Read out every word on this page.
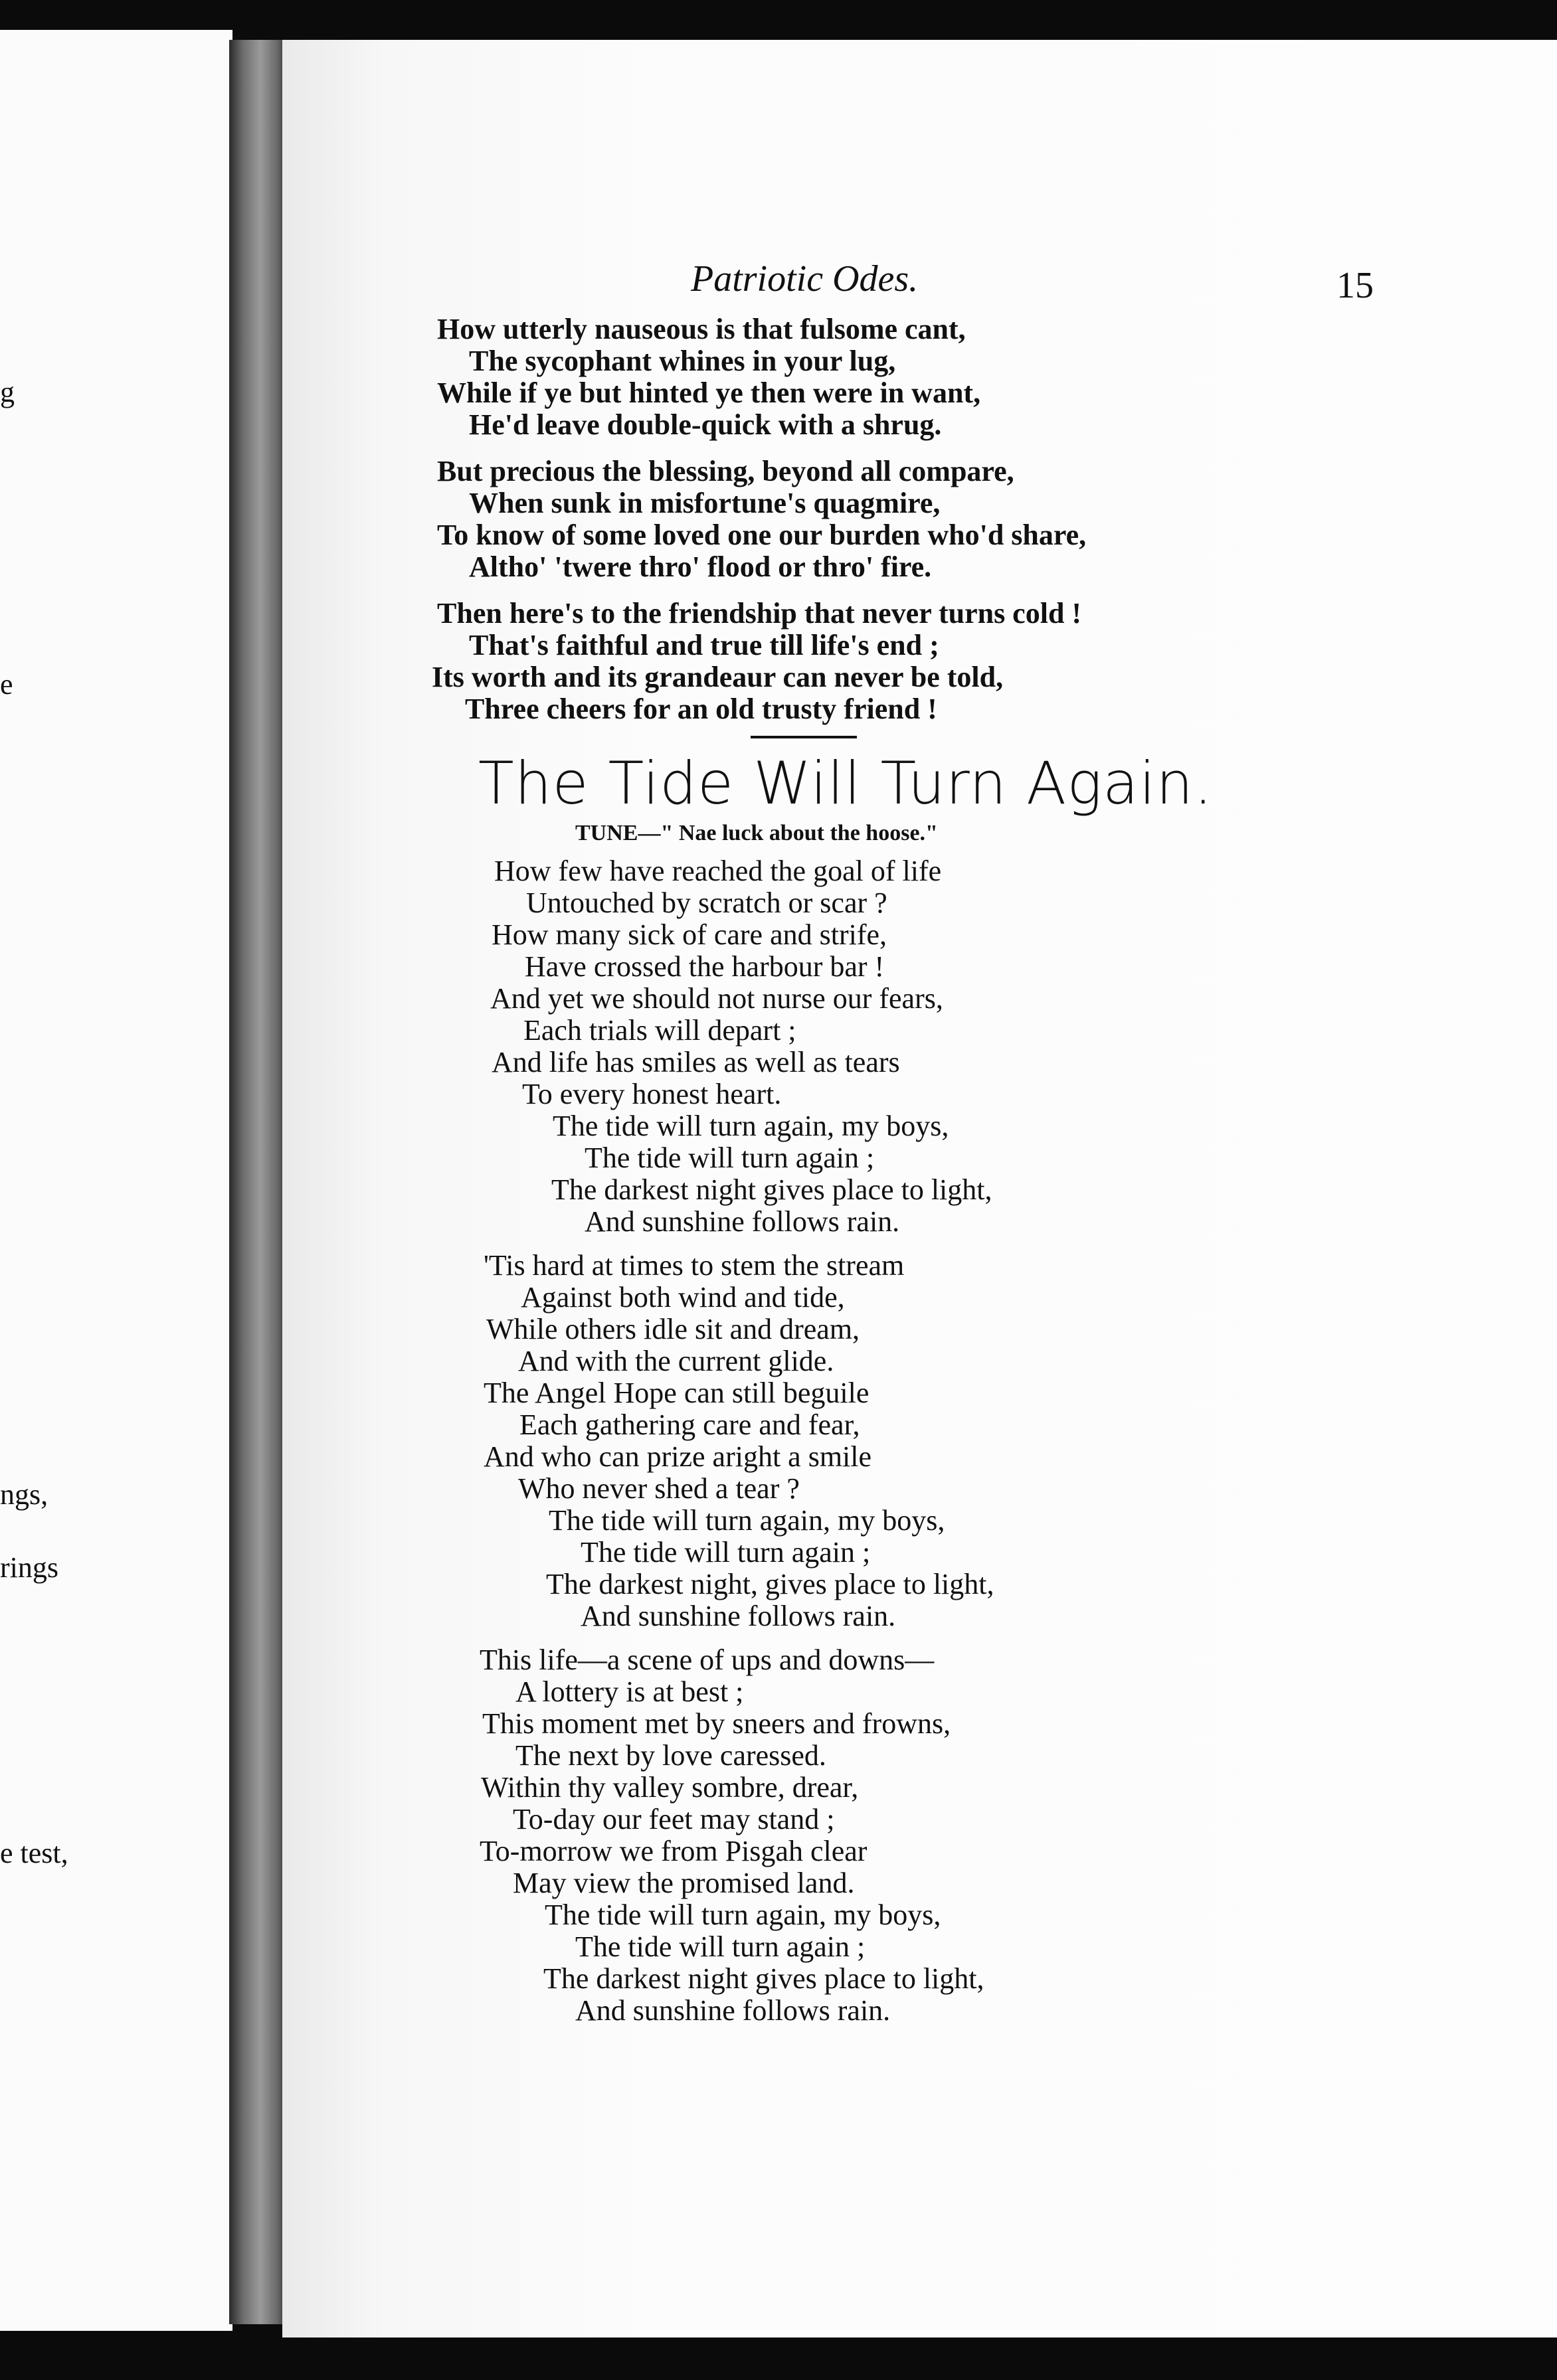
g
e
ngs,
rings
e test,
Patriotic Odes.	15
How utterly nauseous is that fulsome cant,
The sycophant whines in your lug,
While if ye but hinted ye then were in want,
He'd leave double-quick with a shrug.
But precious the blessing, beyond all compare,
When sunk in misfortune's quagmire,
To know of some loved one our burden who'd share,
Altho' 'twere thro' flood or thro' fire.
Then here's to the friendship that never turns cold !
That's faithful and true till life's end ;
Its worth and its grandeaur can never be told,
Three cheers for an old trusty friend !
The Tide Will Turn Again.
TUNE—" Nae luck about the hoose."
How few have reached the goal of life
Untouched by scratch or scar ?
How many sick of care and strife,
Have crossed the harbour bar !
And yet we should not nurse our fears,
Each trials will depart ;
And life has smiles as well as tears
To every honest heart.
The tide will turn again, my boys,
The tide will turn again ;
The darkest night gives place to light,
And sunshine follows rain.
'Tis hard at times to stem the stream
Against both wind and tide,
While others idle sit and dream,
And with the current glide.
The Angel Hope can still beguile
Each gathering care and fear,
And who can prize aright a smile
Who never shed a tear ?
The tide will turn again, my boys,
The tide will turn again ;
The darkest night, gives place to light,
And sunshine follows rain.
This life—a scene of ups and downs—
A lottery is at best ;
This moment met by sneers and frowns,
The next by love caressed.
Within thy valley sombre, drear,
To-day our feet may stand ;
To-morrow we from Pisgah clear
May view the promised land.
The tide will turn again, my boys,
The tide will turn again ;
The darkest night gives place to light,
And sunshine follows rain.
